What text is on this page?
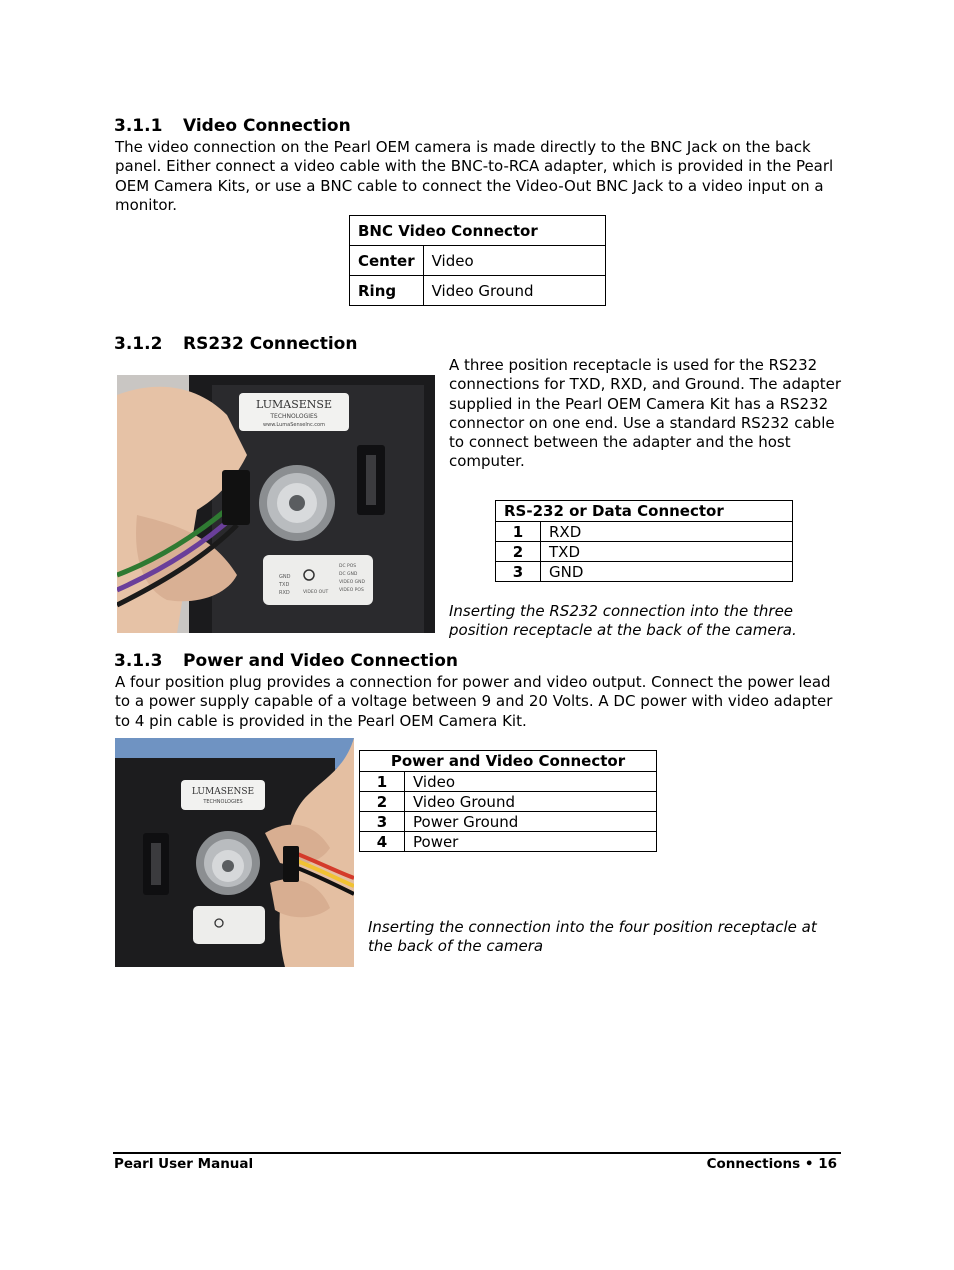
3.1.1 Video Connection

The video connection on the Pearl OEM camera is made directly to the BNC Jack on the back panel. Either connect a video cable with the BNC-to-RCA adapter, which is provided in the Pearl OEM Camera Kits, or use a BNC cable to connect the Video-Out BNC Jack to a video input on a monitor.

BNC Video Connector	
Center	Video
Ring	Video Ground
3.1.2 RS232 Connection

A three position receptacle is used for the RS232 connections for TXD, RXD, and Ground. The adapter supplied in the Pearl OEM Camera Kit has a RS232 connector on one end. Use a standard RS232 cable to connect between the adapter and the host computer.

LUMASENSE
TECHNOLOGIES
www.LumaSenseInc.com
GND
TXD
RXD	VIDEO OUT
DC POS
DC GND
VIDEO GND
VIDEO POS
RS-232 or Data Connector	
1	RXD
2	TXD
3	GND

Inserting the RS232 connection into the three position receptacle at the back of the camera.

3.1.3 Power and Video Connection

A four position plug provides a connection for power and video output. Connect the power lead to a power supply capable of a voltage between 9 and 20 Volts. A DC power with video adapter to 4 pin cable is provided in the Pearl OEM Camera Kit.

LUMASENSE
TECHNOLOGIES
Power and Video Connector	
1	Video
2	Video Ground
3	Power Ground
4	Power

Inserting the connection into the four position receptacle at the back of the camera

Pearl User Manual	Connections • 16
